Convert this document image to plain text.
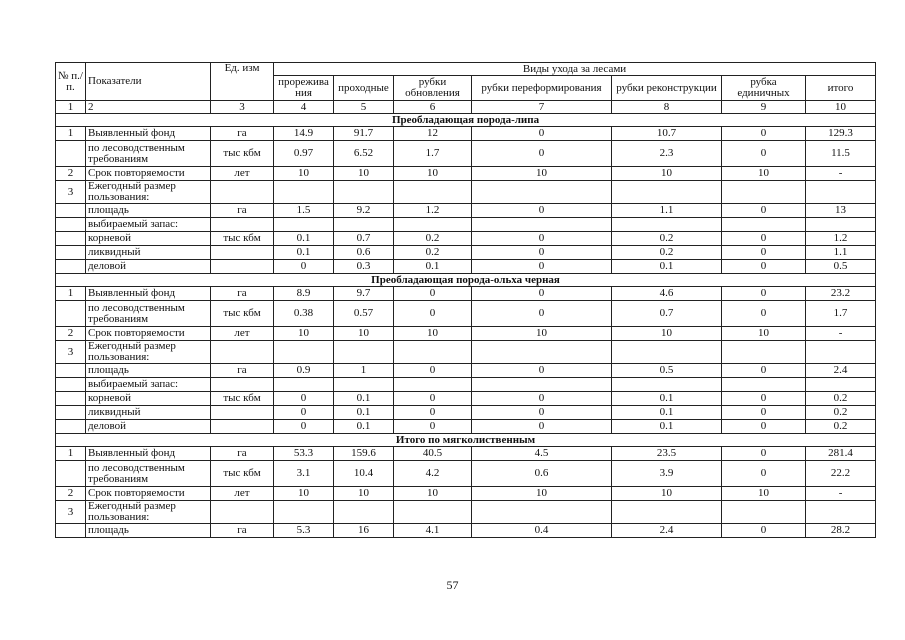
№ п./п.	Показатели	Ед. изм	Виды ухода за лесами						
			прорежива ния	проходные	рубки обновления	рубки переформирования	рубки реконструкции	рубка единичных	итого
1	2	3	4	5	6	7	8	9	10
Преобладающая порода-липа									
1	Выявленный фонд	га	14.9	91.7	12	0	10.7	0	129.3
	по лесоводственным требованиям	тыс кбм	0.97	6.52	1.7	0	2.3	0	11.5
2	Срок повторяемости	лет	10	10	10	10	10	10	-
3	Ежегодный размер пользования:								
	площадь	га	1.5	9.2	1.2	0	1.1	0	13
	выбираемый запас:								
	корневой	тыс кбм	0.1	0.7	0.2	0	0.2	0	1.2
	ликвидный		0.1	0.6	0.2	0	0.2	0	1.1
	деловой		0	0.3	0.1	0	0.1	0	0.5
Преобладающая порода-ольха черная									
1	Выявленный фонд	га	8.9	9.7	0	0	4.6	0	23.2
	по лесоводственным требованиям	тыс кбм	0.38	0.57	0	0	0.7	0	1.7
2	Срок повторяемости	лет	10	10	10	10	10	10	-
3	Ежегодный размер пользования:								
	площадь	га	0.9	1	0	0	0.5	0	2.4
	выбираемый запас:								
	корневой	тыс кбм	0	0.1	0	0	0.1	0	0.2
	ликвидный		0	0.1	0	0	0.1	0	0.2
	деловой		0	0.1	0	0	0.1	0	0.2
Итого по мягколиственным									
1	Выявленный фонд	га	53.3	159.6	40.5	4.5	23.5	0	281.4
	по лесоводственным требованиям	тыс кбм	3.1	10.4	4.2	0.6	3.9	0	22.2
2	Срок повторяемости	лет	10	10	10	10	10	10	-
3	Ежегодный размер пользования:								
	площадь	га	5.3	16	4.1	0.4	2.4	0	28.2
57
